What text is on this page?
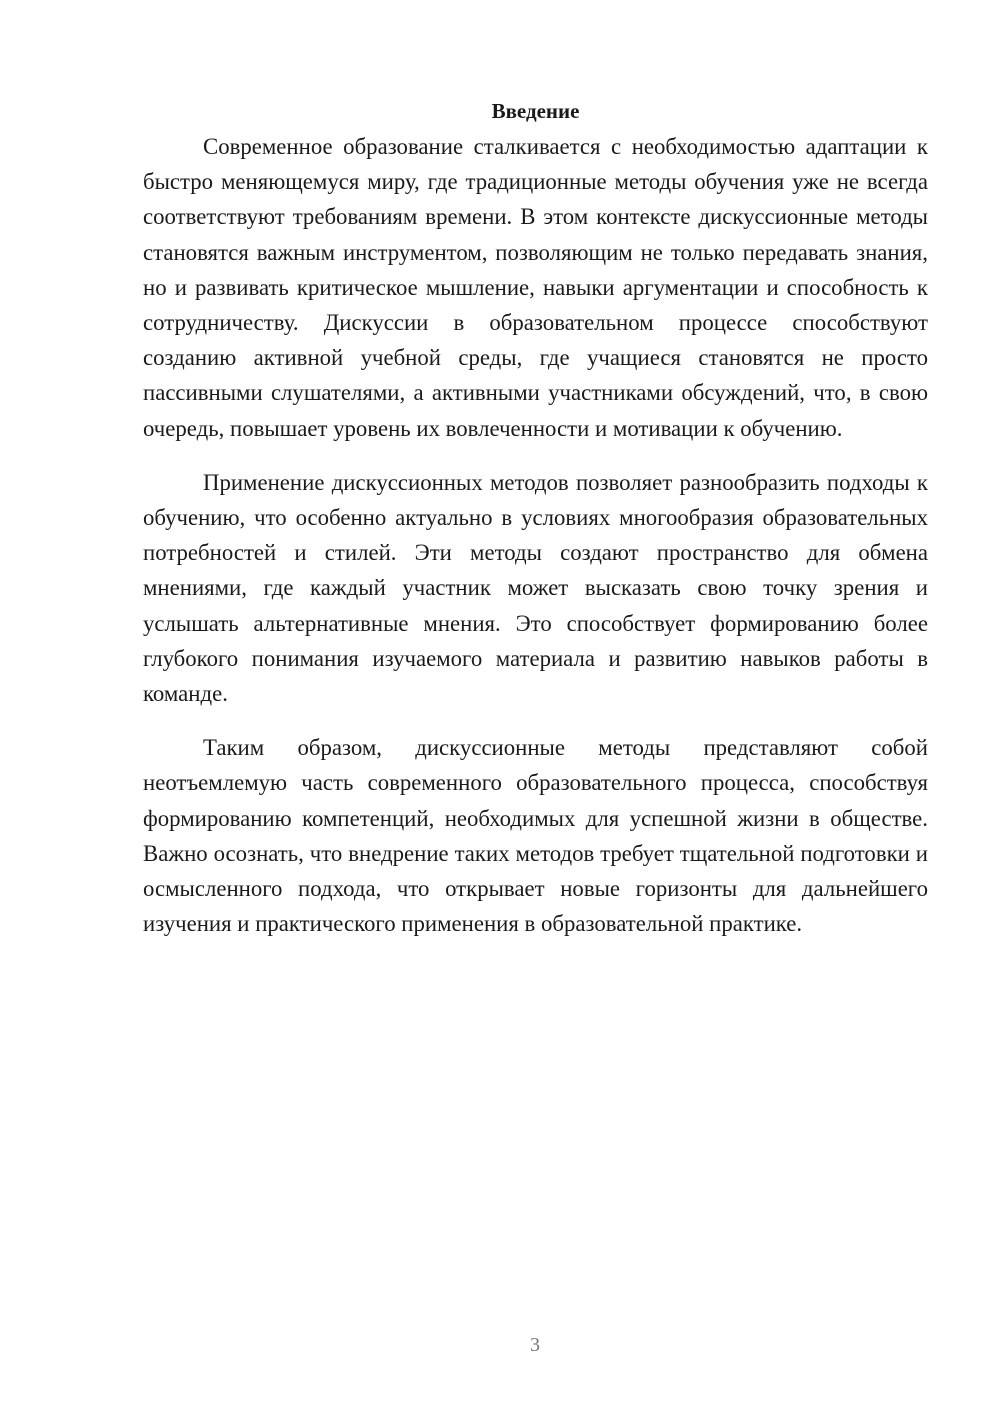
Введение

Современное образование сталкивается с необходимостью адаптации к быстро меняющемуся миру, где традиционные методы обучения уже не всегда соответствуют требованиям времени. В этом контексте дискуссионные методы становятся важным инструментом, позволяющим не только передавать знания, но и развивать критическое мышление, навыки аргументации и способность к сотрудничеству. Дискуссии в образовательном процессе способствуют созданию активной учебной среды, где учащиеся становятся не просто пассивными слушателями, а активными участниками обсуждений, что, в свою очередь, повышает уровень их вовлеченности и мотивации к обучению.

Применение дискуссионных методов позволяет разнообразить подходы к обучению, что особенно актуально в условиях многообразия образовательных потребностей и стилей. Эти методы создают пространство для обмена мнениями, где каждый участник может высказать свою точку зрения и услышать альтернативные мнения. Это способствует формированию более глубокого понимания изучаемого материала и развитию навыков работы в команде.

Таким образом, дискуссионные методы представляют собой неотъемлемую часть современного образовательного процесса, способствуя формированию компетенций, необходимых для успешной жизни в обществе. Важно осознать, что внедрение таких методов требует тщательной подготовки и осмысленного подхода, что открывает новые горизонты для дальнейшего изучения и практического применения в образовательной практике.

3
